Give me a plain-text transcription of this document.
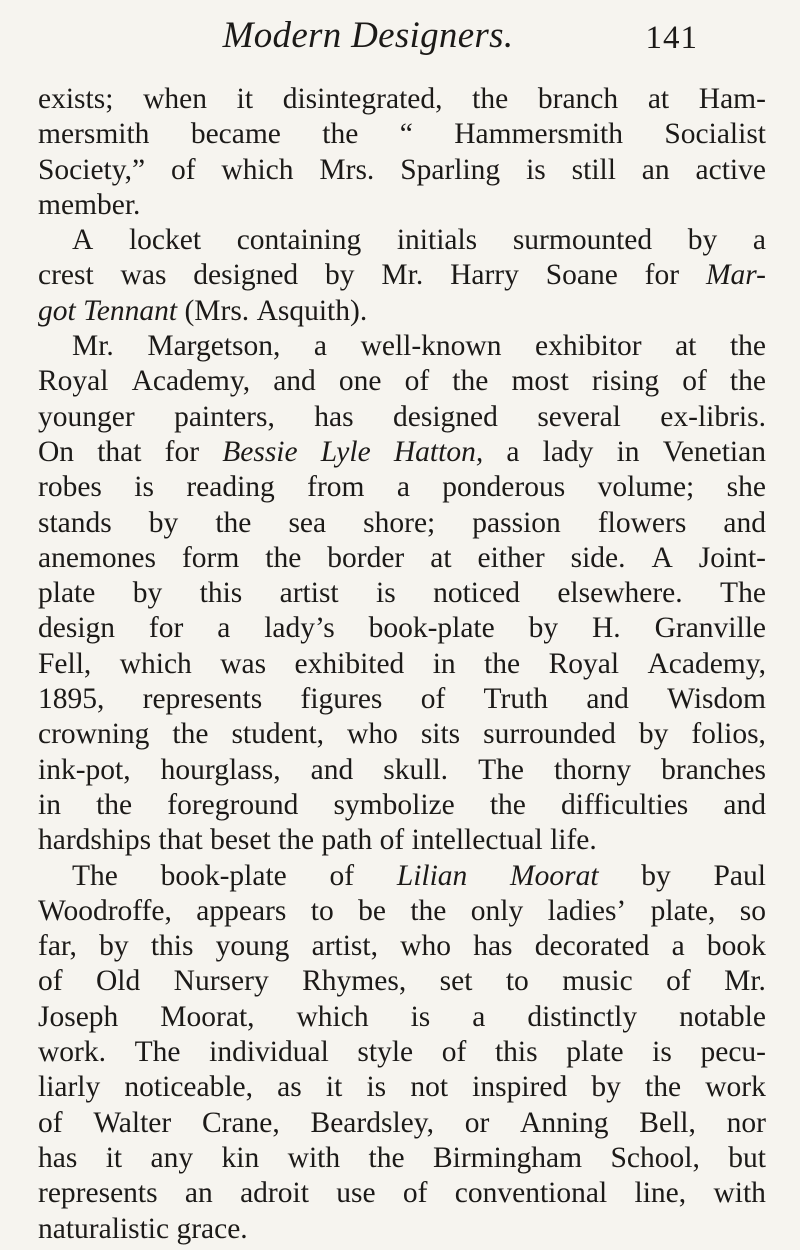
Modern Designers.	141
exists; when it disintegrated, the branch at Ham-
mersmith became the “ Hammersmith Socialist
Society,” of which Mrs. Sparling is still an active
member.
A locket containing initials surmounted by a
crest was designed by Mr. Harry Soane for Mar-
got Tennant (Mrs. Asquith).
Mr. Margetson, a well-known exhibitor at the
Royal Academy, and one of the most rising of the
younger painters, has designed several ex-libris.
On that for Bessie Lyle Hatton, a lady in Venetian
robes is reading from a ponderous volume; she
stands by the sea shore; passion flowers and
anemones form the border at either side. A Joint-
plate by this artist is noticed elsewhere. The
design for a lady’s book-plate by H. Granville
Fell, which was exhibited in the Royal Academy,
1895, represents figures of Truth and Wisdom
crowning the student, who sits surrounded by folios,
ink-pot, hourglass, and skull. The thorny branches
in the foreground symbolize the difficulties and
hardships that beset the path of intellectual life.
The book-plate of Lilian Moorat by Paul
Woodroffe, appears to be the only ladies’ plate, so
far, by this young artist, who has decorated a book
of Old Nursery Rhymes, set to music of Mr.
Joseph Moorat, which is a distinctly notable
work. The individual style of this plate is pecu-
liarly noticeable, as it is not inspired by the work
of Walter Crane, Beardsley, or Anning Bell, nor
has it any kin with the Birmingham School, but
represents an adroit use of conventional line, with
naturalistic grace.
